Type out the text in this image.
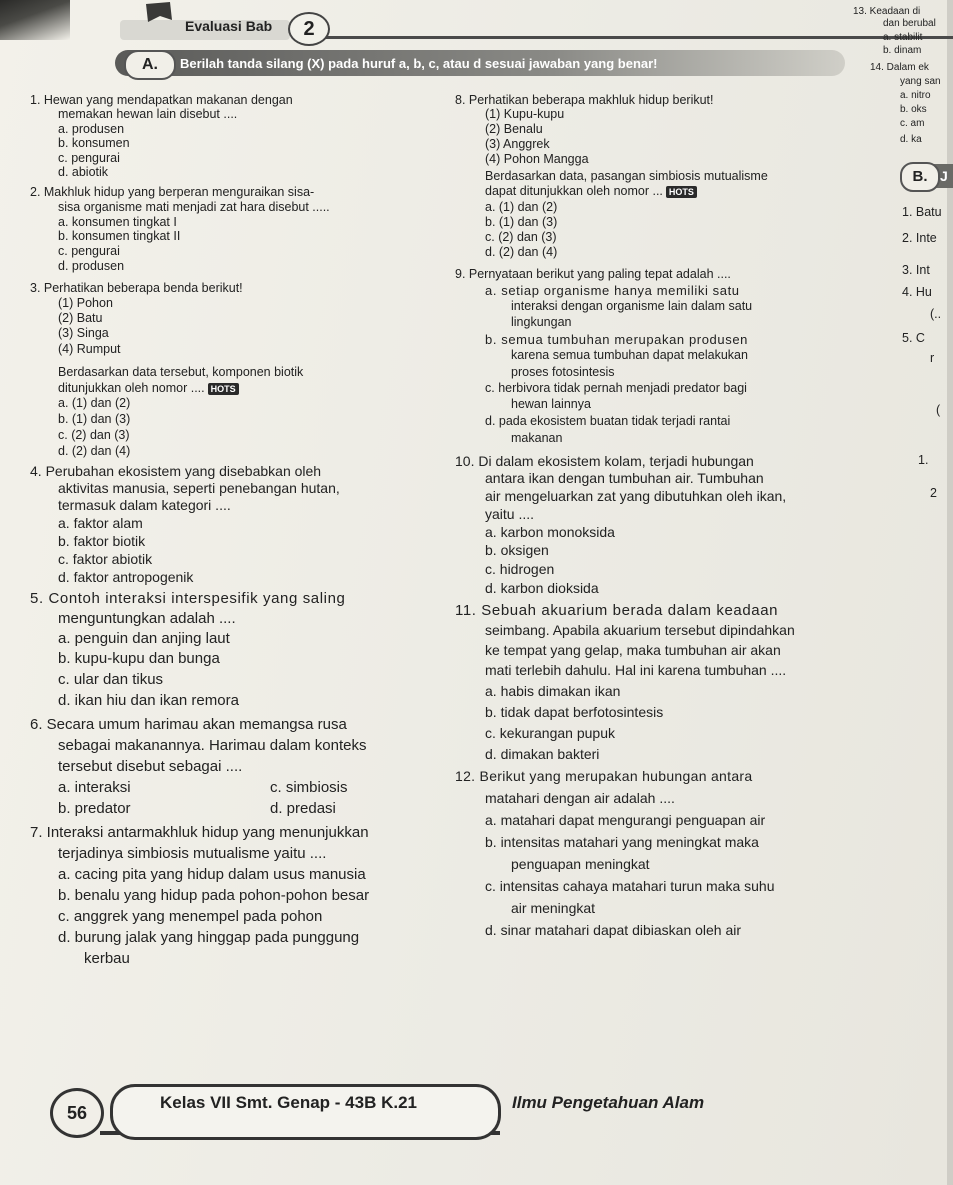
Evaluasi Bab	2
A.	Berilah tanda silang (X) pada huruf a, b, c, atau d sesuai jawaban yang benar!
1. Hewan yang mendapatkan makanan dengan
memakan hewan lain disebut ....
a. produsen
b. konsumen
c. pengurai
d. abiotik
2. Makhluk hidup yang berperan menguraikan sisa-
sisa organisme mati menjadi zat hara disebut .....
a. konsumen tingkat I
b. konsumen tingkat II
c. pengurai
d. produsen
3. Perhatikan beberapa benda berikut!
(1) Pohon
(2) Batu
(3) Singa
(4) Rumput
Berdasarkan data tersebut, komponen biotik
ditunjukkan oleh nomor .... HOTS
a. (1) dan (2)
b. (1) dan (3)
c. (2) dan (3)
d. (2) dan (4)
4. Perubahan ekosistem yang disebabkan oleh
aktivitas manusia, seperti penebangan hutan,
termasuk dalam kategori ....
a. faktor alam
b. faktor biotik
c. faktor abiotik
d. faktor antropogenik
5. Contoh interaksi interspesifik yang saling
menguntungkan adalah ....
a. penguin dan anjing laut
b. kupu-kupu dan bunga
c. ular dan tikus
d. ikan hiu dan ikan remora
6. Secara umum harimau akan memangsa rusa
sebagai makanannya. Harimau dalam konteks
tersebut disebut sebagai ....
a. interaksi
b. predator
c. simbiosis
d. predasi
7. Interaksi antarmakhluk hidup yang menunjukkan
terjadinya simbiosis mutualisme yaitu ....
a. cacing pita yang hidup dalam usus manusia
b. benalu yang hidup pada pohon-pohon besar
c. anggrek yang menempel pada pohon
d. burung jalak yang hinggap pada punggung
kerbau
8. Perhatikan beberapa makhluk hidup berikut!
(1) Kupu-kupu
(2) Benalu
(3) Anggrek
(4) Pohon Mangga
Berdasarkan data, pasangan simbiosis mutualisme
dapat ditunjukkan oleh nomor ... HOTS
a. (1) dan (2)
b. (1) dan (3)
c. (2) dan (3)
d. (2) dan (4)
9. Pernyataan berikut yang paling tepat adalah ....
a. setiap organisme hanya memiliki satu
interaksi dengan organisme lain dalam satu
lingkungan
b. semua tumbuhan merupakan produsen
karena semua tumbuhan dapat melakukan
proses fotosintesis
c. herbivora tidak pernah menjadi predator bagi
hewan lainnya
d. pada ekosistem buatan tidak terjadi rantai
makanan
10. Di dalam ekosistem kolam, terjadi hubungan
antara ikan dengan tumbuhan air. Tumbuhan
air mengeluarkan zat yang dibutuhkan oleh ikan,
yaitu ....
a. karbon monoksida
b. oksigen
c. hidrogen
d. karbon dioksida
11. Sebuah akuarium berada dalam keadaan
seimbang. Apabila akuarium tersebut dipindahkan
ke tempat yang gelap, maka tumbuhan air akan
mati terlebih dahulu. Hal ini karena tumbuhan ....
a. habis dimakan ikan
b. tidak dapat berfotosintesis
c. kekurangan pupuk
d. dimakan bakteri
12. Berikut yang merupakan hubungan antara
matahari dengan air adalah ....
a. matahari dapat mengurangi penguapan air
b. intensitas matahari yang meningkat maka
penguapan meningkat
c. intensitas cahaya matahari turun maka suhu
air meningkat
d. sinar matahari dapat dibiaskan oleh air
13. Keadaan di
dan berubal
a. stabilit
b. dinam
14. Dalam ek
yang san
a. nitro
b. oks
c. am
d. ka
B. J
1. Batu
2. Inte
3. Int
4. Hu
(..
5. C
r
(
1.
2
56
Kelas VII Smt. Genap - 43B K.21	Ilmu Pengetahuan Alam
